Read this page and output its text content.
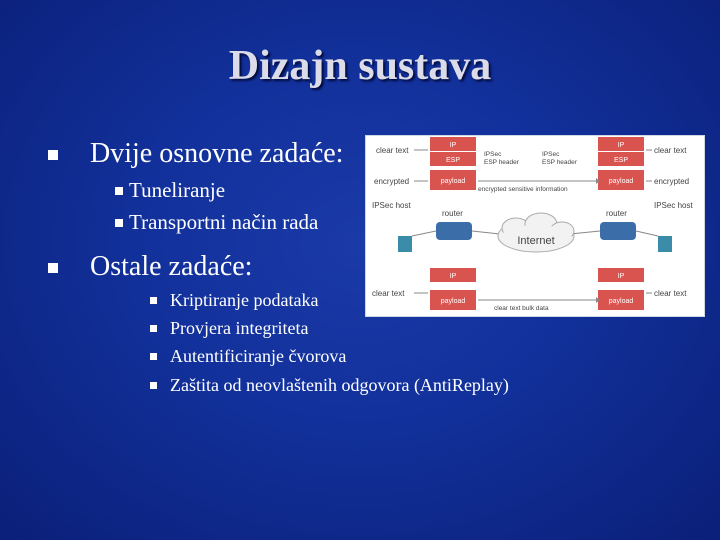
Dizajn sustava
Dvije osnovne zadaće:
Tuneliranje
Transportni način rada
Ostale zadaće:
Kriptiranje podataka
Provjera integriteta
Autentificiranje čvorova
Zaštita od neovlaštenih odgovora (AntiReplay)
IP
ESP
payload
IP
ESP
payload
clear text
encrypted
clear text
encrypted
IPSec ESP header
IPSec ESP header
encrypted sensitive information
IPSec host	IPSec host
router	router
Internet
IP
payload
IP
payload
clear text	clear text
clear text bulk data
